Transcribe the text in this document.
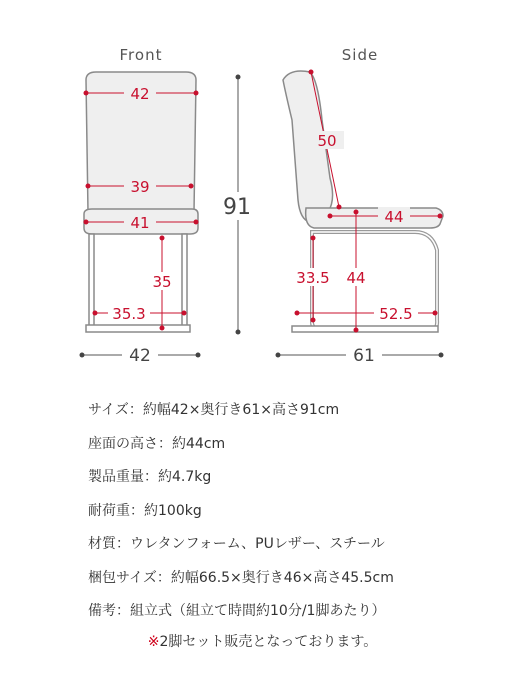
Front	Side
42
39
41
35
35.3
42
91
50
44
33.5 44
52.5
61
サイズ：約幅42×奥行き61×高さ91cm
座面の高さ：約44cm
製品重量：約4.7kg
耐荷重：約100kg
材質：ウレタンフォーム、PUレザー、スチール
梱包サイズ：約幅66.5×奥行き46×高さ45.5cm
備考：組立式（組立て時間約10分/1脚あたり）
※2脚セット販売となっております。
